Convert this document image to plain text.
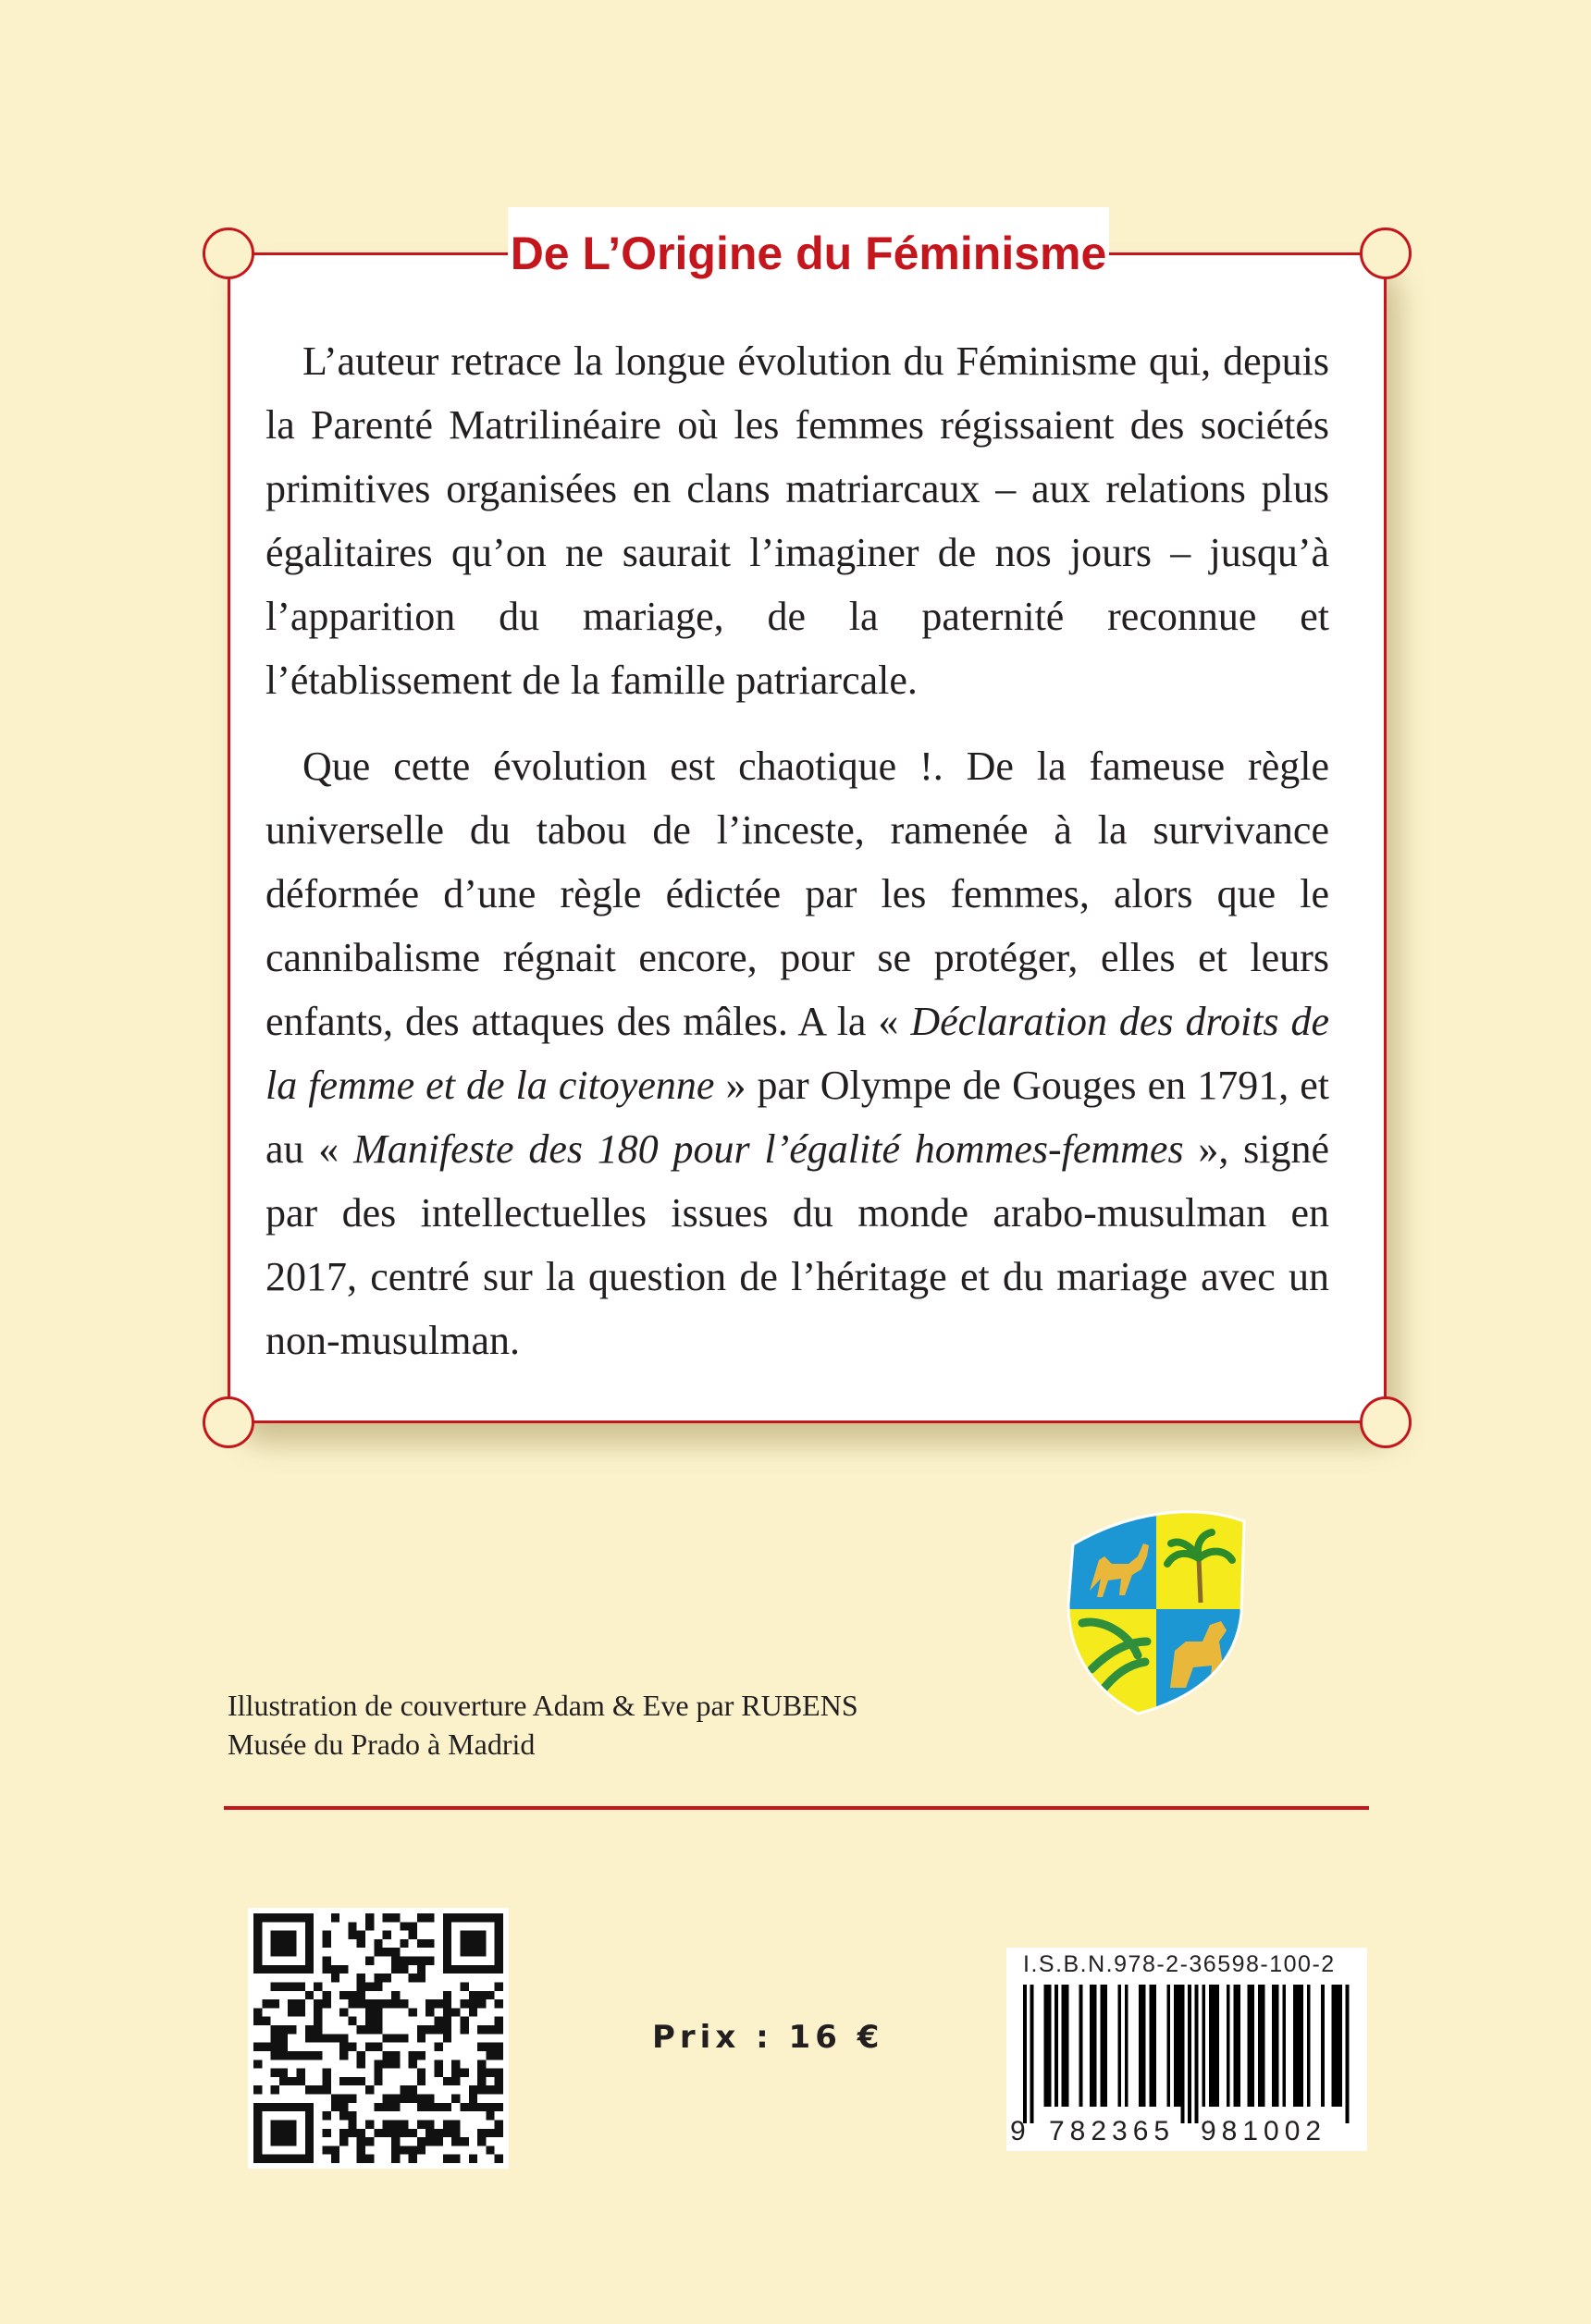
De L’Origine du Féminisme

L’auteur retrace la longue évolution du Féminisme qui, depuis la Parenté Matrilinéaire où les femmes régissaient des sociétés primitives organisées en clans matriarcaux – aux relations plus égalitaires qu’on ne saurait l’imaginer de nos jours – jusqu’à l’apparition du mariage, de la paternité reconnue et l’établissement de la famille patriarcale.

Que cette évolution est chaotique !. De la fameuse règle universelle du tabou de l’inceste, ramenée à la survivance déformée d’une règle édictée par les femmes, alors que le cannibalisme régnait encore, pour se protéger, elles et leurs enfants, des attaques des mâles. A la « Déclaration des droits de la femme et de la citoyenne » par Olympe de Gouges en 1791, et au « Manifeste des 180 pour l’égalité hommes-femmes », signé par des intellectuelles issues du monde arabo-musulman en 2017, centré sur la question de l’héritage et du mariage avec un non-musulman.

Illustration de couverture Adam & Eve par RUBENS
Musée du Prado à Madrid
Prix : 16 €
I.S.B.N.978-2-36598-100-2
9 782365 981002
